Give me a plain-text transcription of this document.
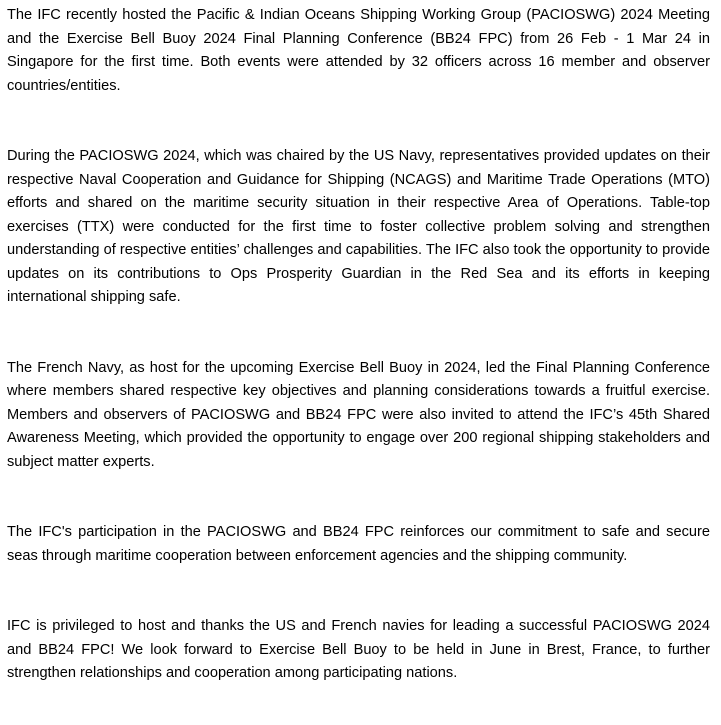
The IFC recently hosted the Pacific & Indian Oceans Shipping Working Group (PACIOSWG) 2024 Meeting and the Exercise Bell Buoy 2024 Final Planning Conference (BB24 FPC) from 26 Feb - 1 Mar 24 in Singapore for the first time. Both events were attended by 32 officers across 16 member and observer countries/entities.

During the PACIOSWG 2024, which was chaired by the US Navy, representatives provided updates on their respective Naval Cooperation and Guidance for Shipping (NCAGS) and Maritime Trade Operations (MTO) efforts and shared on the maritime security situation in their respective Area of Operations. Table-top exercises (TTX) were conducted for the first time to foster collective problem solving and strengthen understanding of respective entities’ challenges and capabilities. The IFC also took the opportunity to provide updates on its contributions to Ops Prosperity Guardian in the Red Sea and its efforts in keeping international shipping safe.

The French Navy, as host for the upcoming Exercise Bell Buoy in 2024, led the Final Planning Conference where members shared respective key objectives and planning considerations towards a fruitful exercise. Members and observers of PACIOSWG and BB24 FPC were also invited to attend the IFC’s 45th Shared Awareness Meeting, which provided the opportunity to engage over 200 regional shipping stakeholders and subject matter experts.

The IFC's participation in the PACIOSWG and BB24 FPC reinforces our commitment to safe and secure seas through maritime cooperation between enforcement agencies and the shipping community.

IFC is privileged to host and thanks the US and French navies for leading a successful PACIOSWG 2024 and BB24 FPC! We look forward to Exercise Bell Buoy to be held in June in Brest, France, to further strengthen relationships and cooperation among participating nations.
